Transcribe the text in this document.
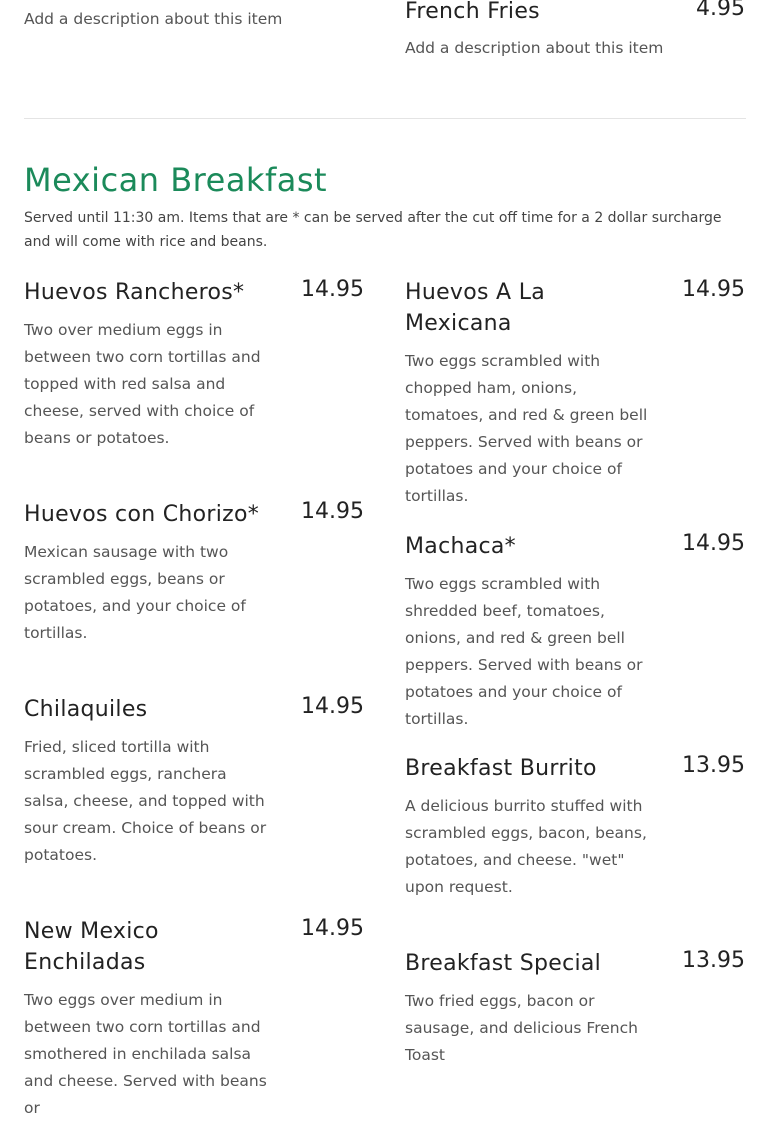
Add a description about this item	French Fries	4.95
Add a description about this item
Mexican Breakfast
Served until 11:30 am. Items that are * can be served after the cut off time for a 2 dollar surcharge and will come with rice and beans.
Huevos Rancheros*	14.95
Two over medium eggs in between two corn tortillas and topped with red salsa and cheese, served with choice of beans or potatoes.
Huevos con Chorizo*	14.95
Mexican sausage with two scrambled eggs, beans or potatoes, and your choice of tortillas.
Chilaquiles	14.95
Fried, sliced tortilla with scrambled eggs, ranchera salsa, cheese, and topped with sour cream. Choice of beans or potatoes.
New Mexico Enchiladas
14.95
Two eggs over medium in between two corn tortillas and smothered in enchilada salsa and cheese. Served with beans or
Huevos A La Mexicana
14.95
Two eggs scrambled with chopped ham, onions, tomatoes, and red & green bell peppers. Served with beans or potatoes and your choice of tortillas.
Machaca*	14.95
Two eggs scrambled with shredded beef, tomatoes, onions, and red & green bell peppers. Served with beans or potatoes and your choice of tortillas.
Breakfast Burrito	13.95
A delicious burrito stuffed with scrambled eggs, bacon, beans, potatoes, and cheese. "wet" upon request.
Breakfast Special	13.95
Two fried eggs, bacon or sausage, and delicious French Toast
